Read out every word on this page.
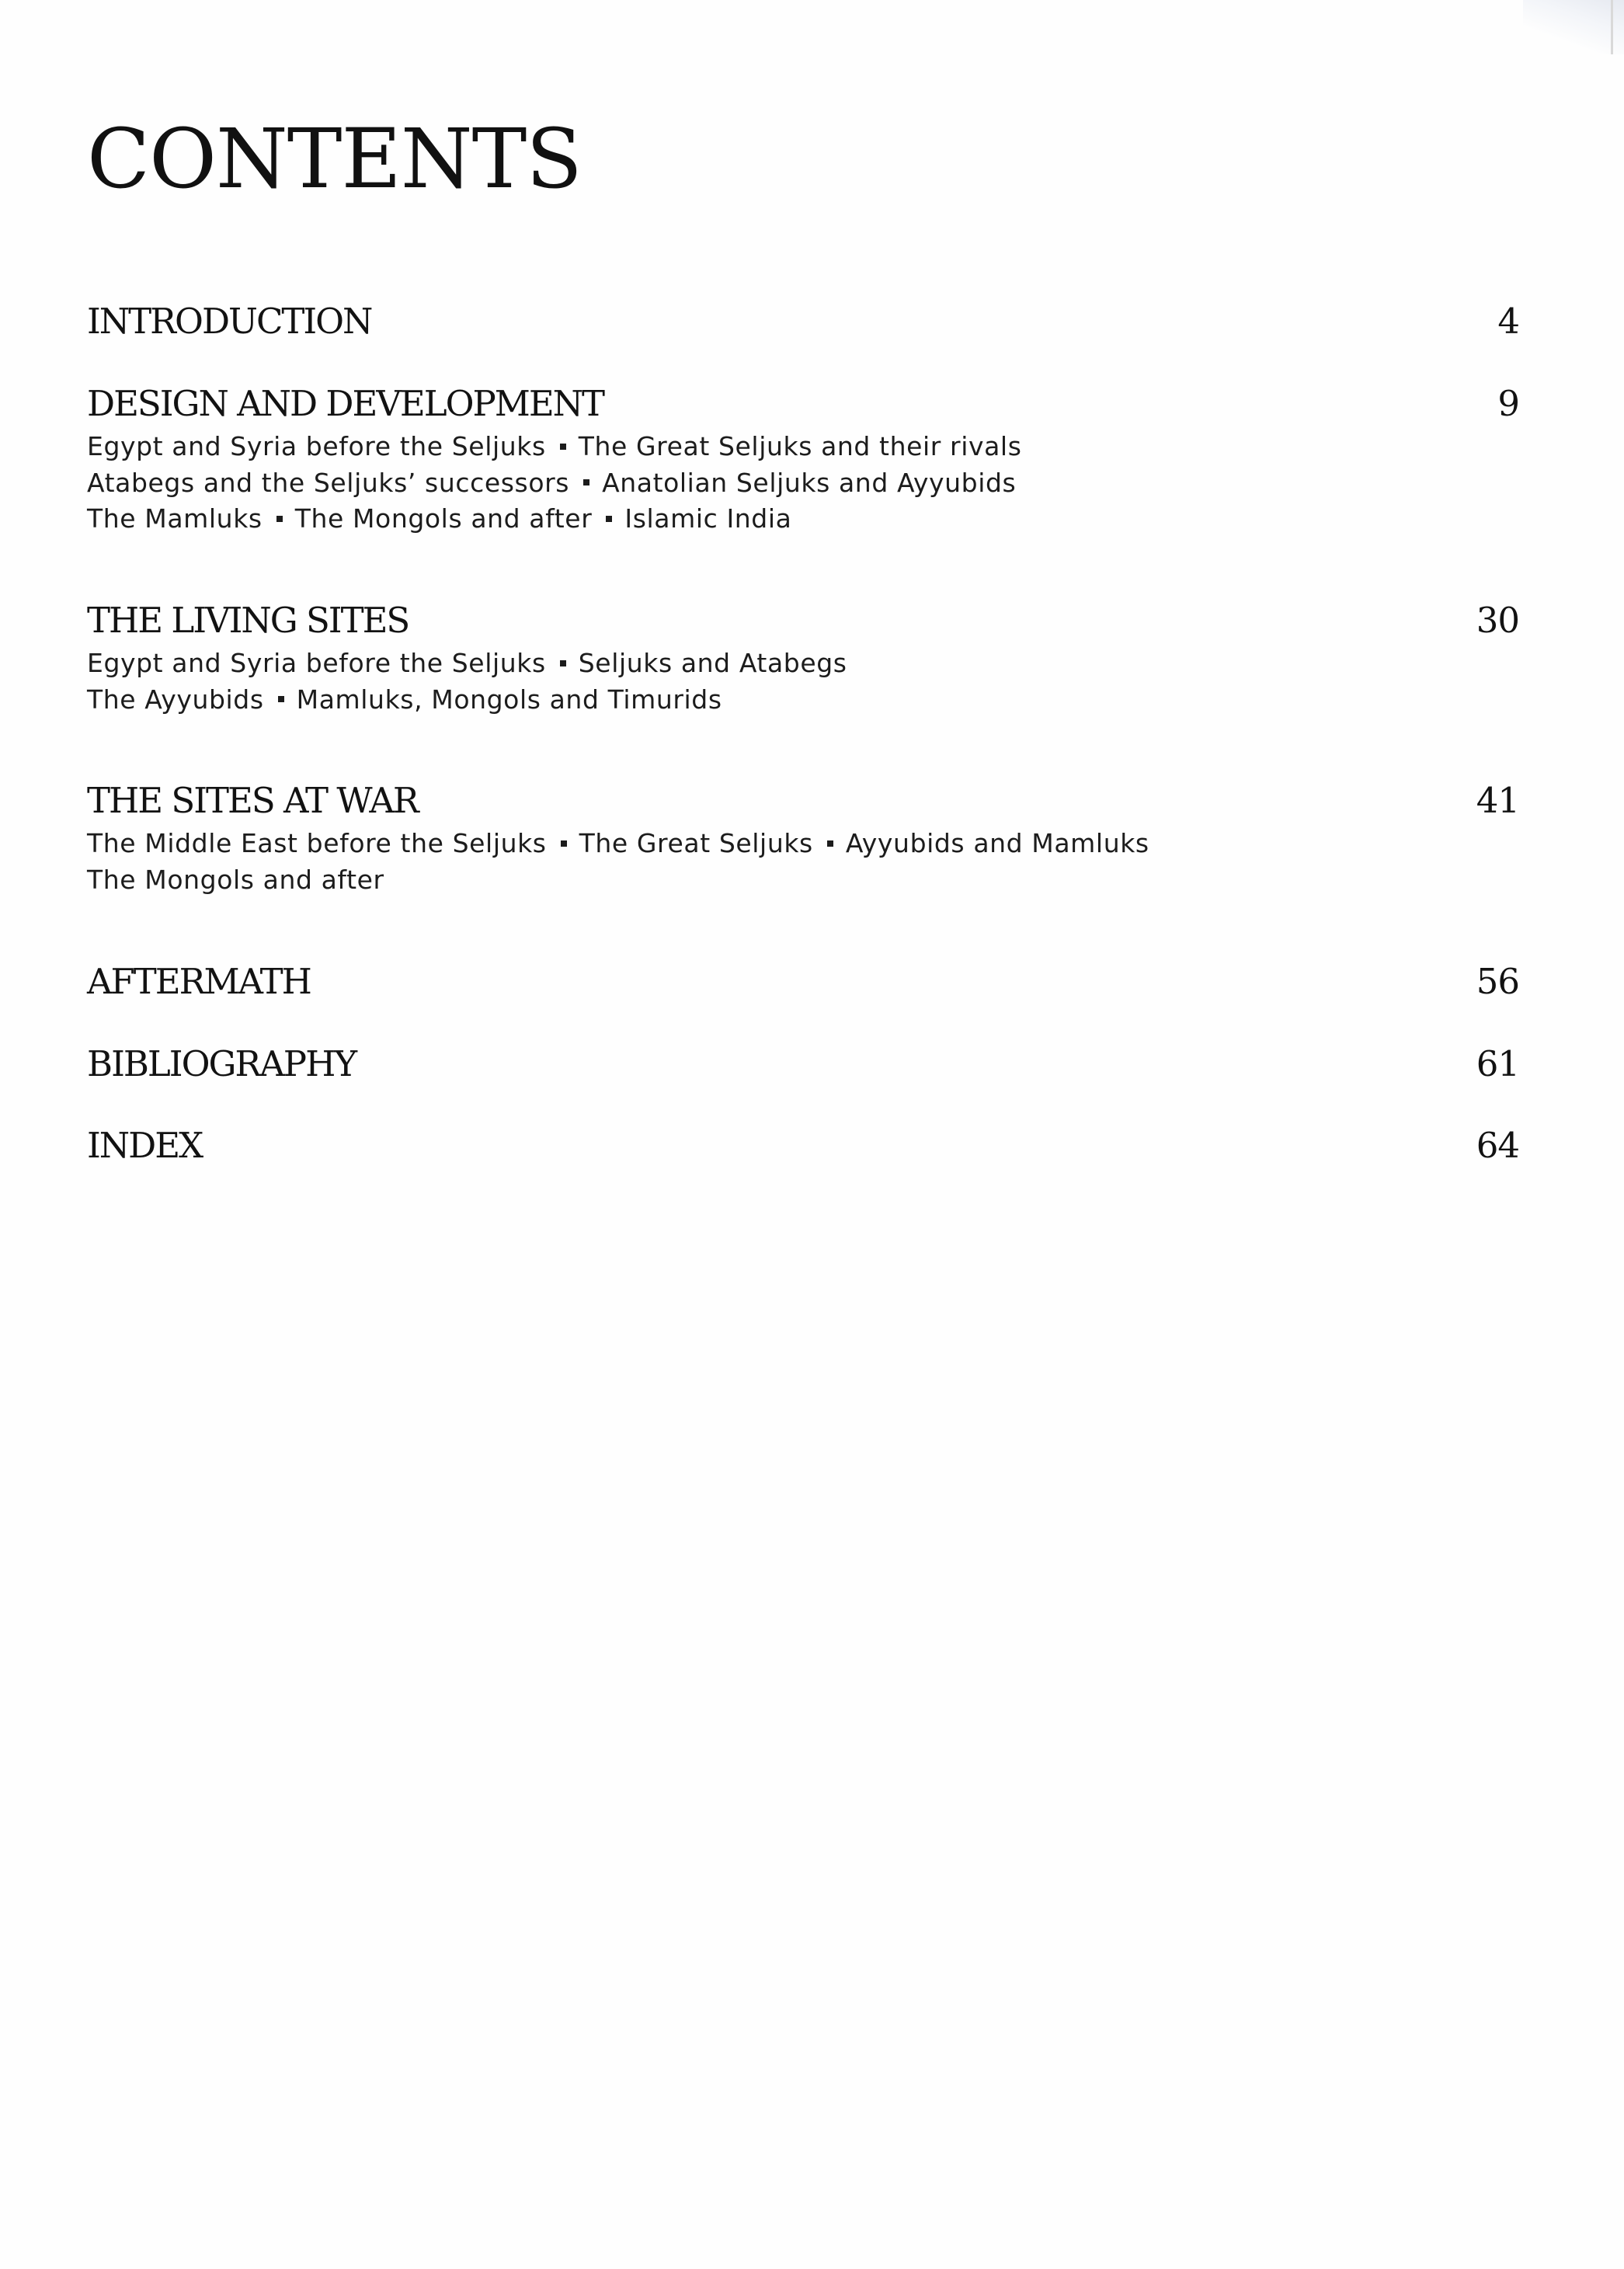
CONTENTS
INTRODUCTION	4
DESIGN AND DEVELOPMENT	9
Egypt and Syria before the Seljuks The Great Seljuks and their rivals
Atabegs and the Seljuks’ successors Anatolian Seljuks and Ayyubids
The Mamluks The Mongols and after Islamic India
THE LIVING SITES	30
Egypt and Syria before the Seljuks Seljuks and Atabegs
The Ayyubids Mamluks, Mongols and Timurids
THE SITES AT WAR	41
The Middle East before the Seljuks The Great Seljuks Ayyubids and Mamluks
The Mongols and after
AFTERMATH	56
BIBLIOGRAPHY	61
INDEX	64
